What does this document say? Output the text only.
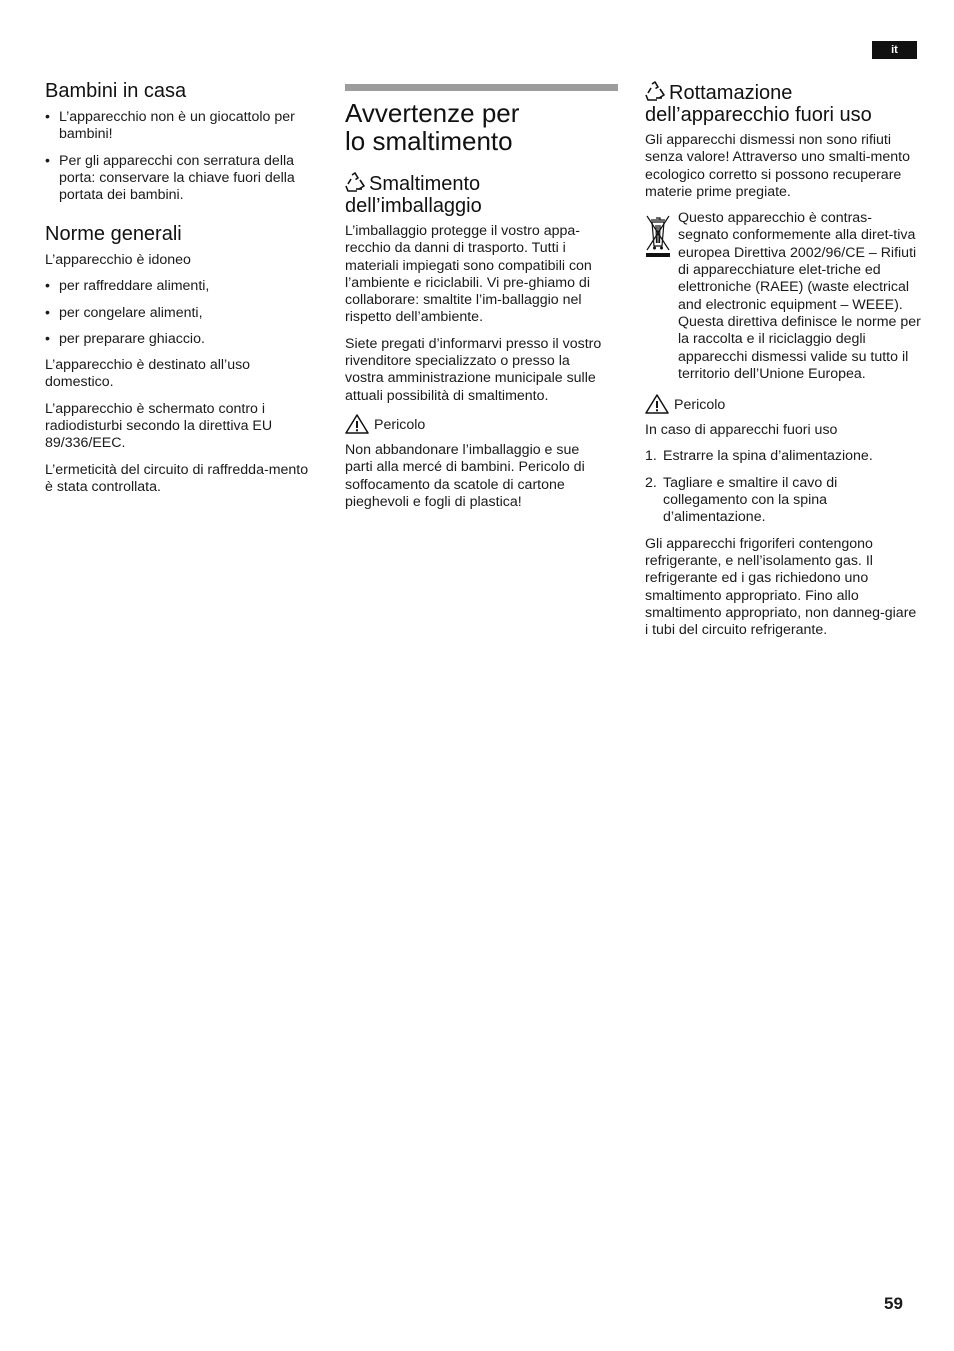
it
Bambini in casa
• L’apparecchio non è un giocattolo per bambini!
• Per gli apparecchi con serratura della porta: conservare la chiave fuori della portata dei bambini.
Norme generali

L’apparecchio è idoneo

• per raffreddare alimenti,
• per congelare alimenti,
• per preparare ghiaccio.

L’apparecchio è destinato all’uso domestico.

L’apparecchio è schermato contro i radiodisturbi secondo la direttiva EU 89/336/EEC.

L’ermeticità del circuito di raffredda-mento è stata controllata.

Avvertenze per
lo smaltimento
Smaltimento
dell’imballaggio

L’imballaggio protegge il vostro appa-recchio da danni di trasporto. Tutti i materiali impiegati sono compatibili con l’ambiente e riciclabili. Vi pre-ghiamo di collaborare: smaltite l’im-ballaggio nel rispetto dell’ambiente.

Siete pregati d’informarvi presso il vostro rivenditore specializzato o presso la vostra amministrazione municipale sulle attuali possibilità di smaltimento.

Pericolo

Non abbandonare l’imballaggio e sue parti alla mercé di bambini. Pericolo di soffocamento da scatole di cartone pieghevoli e fogli di plastica!

Rottamazione
dell’apparecchio fuori uso

Gli apparecchi dismessi non sono rifiuti senza valore! Attraverso uno smalti-mento ecologico corretto si possono recuperare materie prime pregiate.

Questo apparecchio è contras-segnato conformemente alla diret-tiva europea Direttiva 2002/96/CE – Rifiuti di apparecchiature elet-triche ed elettroniche (RAEE) (waste electrical and electronic equipment – WEEE).

Questa direttiva definisce le norme per la raccolta e il riciclaggio degli apparecchi dismessi valide su tutto il territorio dell’Unione Europea.

Pericolo

In caso di apparecchi fuori uso

1. Estrarre la spina d’alimentazione.
2. Tagliare e smaltire il cavo di collegamento con la spina d’alimentazione.

Gli apparecchi frigoriferi contengono refrigerante, e nell’isolamento gas. Il refrigerante ed i gas richiedono uno smaltimento appropriato. Fino allo smaltimento appropriato, non danneg-giare i tubi del circuito refrigerante.

59
